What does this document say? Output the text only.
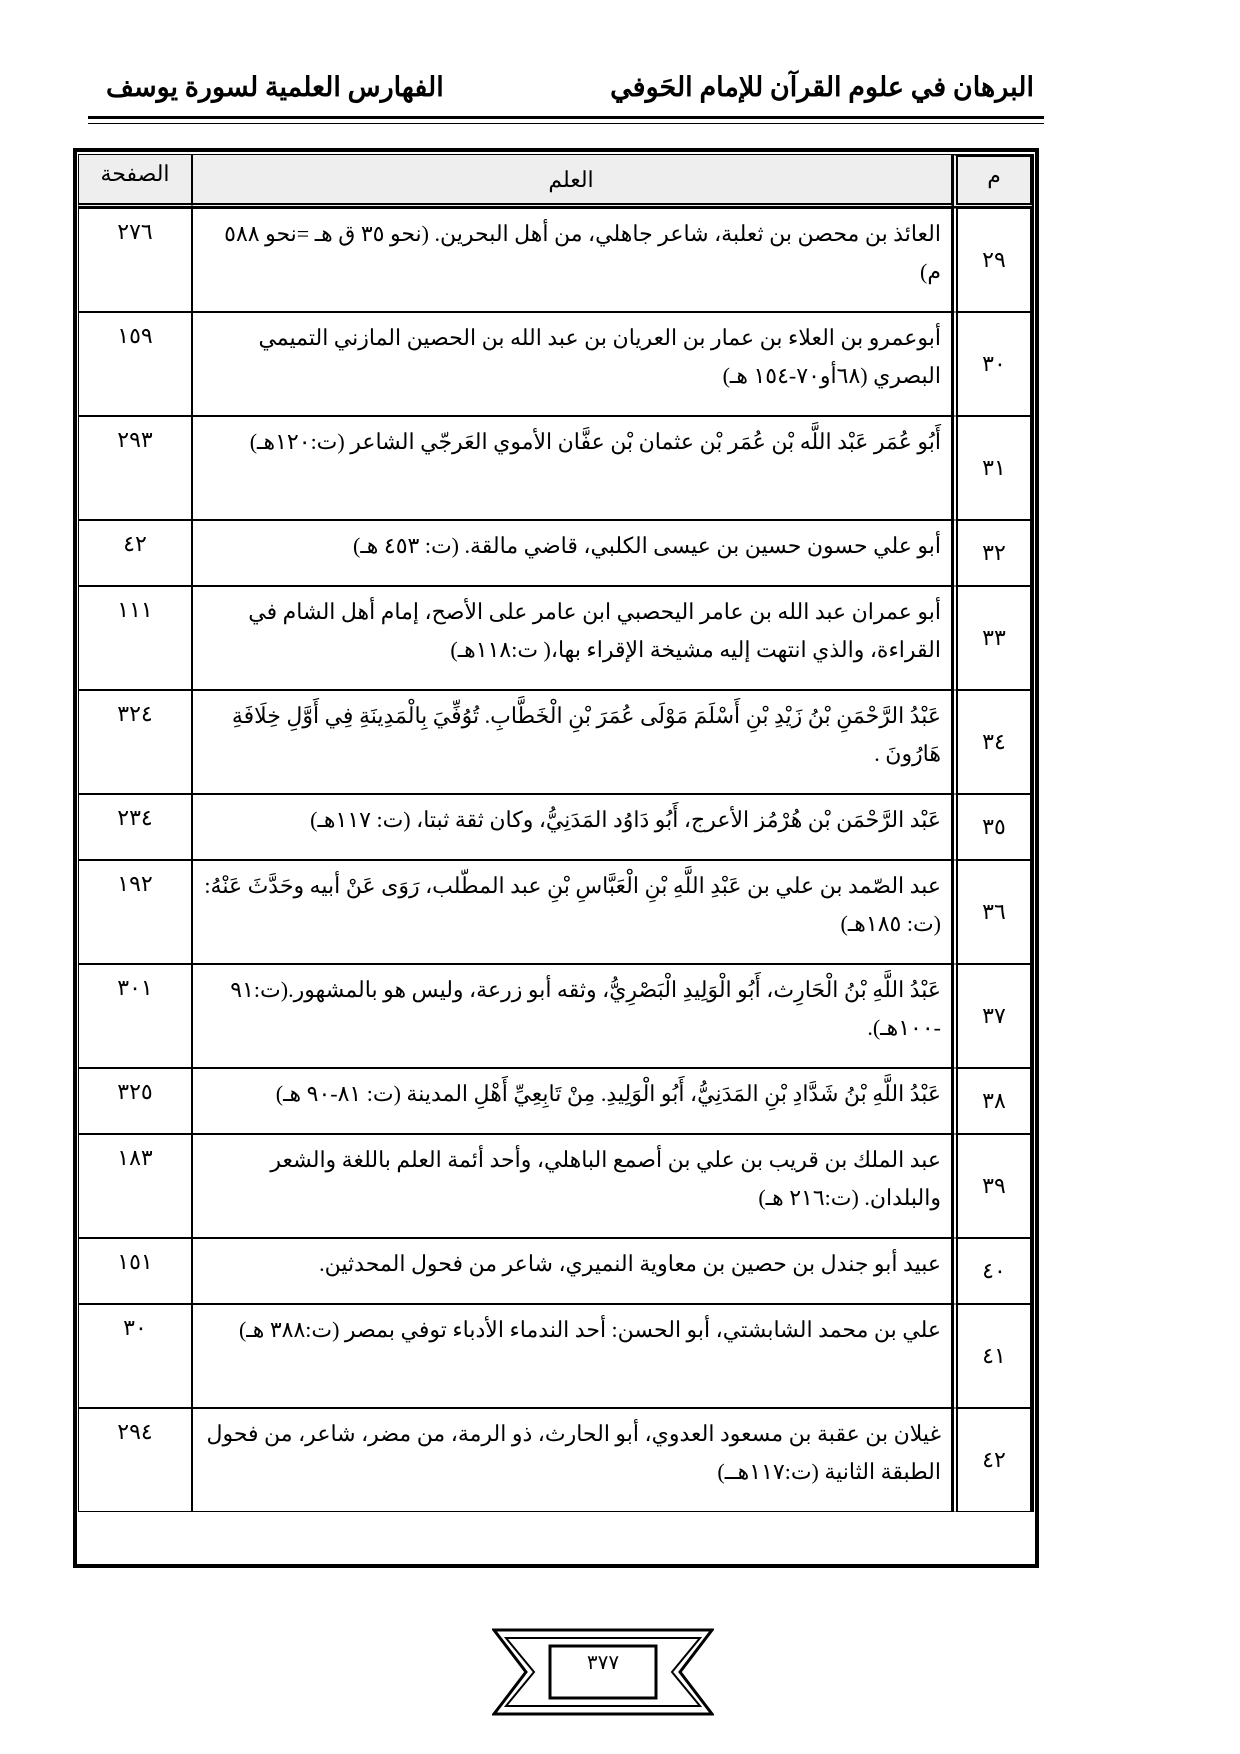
البرهان في علوم القرآن للإمام الحَوفي
الفهارس العلمية لسورة يوسف
م	العلم	الصفحة
٢٩	العائذ بن محصن بن ثعلبة، شاعر جاهلي، من أهل البحرين. (نحو ٣٥ ق هـ =نحو ٥٨٨ م)	٢٧٦
٣٠	أبوعمرو بن العلاء بن عمار بن العريان بن عبد الله بن الحصين المازني التميمي البصري (٦٨أو٧٠-١٥٤ هـ)	١٥٩
٣١	أَبُو عُمَر عَبْد اللَّه بْن عُمَر بْن عثمان بْن عفَّان الأموي العَرجّي الشاعر (ت:١٢٠هـ)	٢٩٣
٣٢	أبو علي حسون حسين بن عيسى الكلبي، قاضي مالقة. (ت: ٤٥٣ هـ)	٤٢
٣٣	أبو عمران عبد الله بن عامر اليحصبي ابن عامر على الأصح، إمام أهل الشام في القراءة، والذي انتهت إليه مشيخة الإقراء بها،( ت:١١٨هـ)	١١١
٣٤	عَبْدُ الرَّحْمَنِ بْنُ زَيْدِ بْنِ أَسْلَمَ مَوْلَى عُمَرَ بْنِ الْخَطَّابِ. تُوُفِّيَ بِالْمَدِينَةِ فِي أَوَّلِ خِلَافَةِ هَارُونَ .	٣٢٤
٣٥	عَبْد الرَّحْمَن بْن هُرْمُز الأعرج، أَبُو دَاوُد المَدَنِيُّ، وكان ثقة ثبتا، (ت: ١١٧هـ)	٢٣٤
٣٦	عبد الصّمد بن علي بن عَبْدِ اللَّهِ بْنِ الْعَبَّاسِ بْنِ عبد المطّلب، رَوَى عَنْ أبيه وحَدَّثَ عَنْهُ:(ت: ١٨٥هـ)	١٩٢
٣٧	عَبْدُ اللَّهِ بْنُ الْحَارِث، أَبُو الْوَلِيدِ الْبَصْرِيُّ، وثقه أبو زرعة، وليس هو بالمشهور.(ت:٩١ -١٠٠هـ).	٣٠١
٣٨	عَبْدُ اللَّهِ بْنُ شَدَّادِ بْنِ المَدَنِيُّ، أَبُو الْوَلِيدِ. مِنْ تَابِعِيِّ أَهْلِ المدينة (ت: ٨١-٩٠ هـ)	٣٢٥
٣٩	عبد الملك بن قريب بن علي بن أصمع الباهلي، وأحد أئمة العلم باللغة والشعر والبلدان. (ت:٢١٦ هـ)	١٨٣
٤٠	عبيد أبو جندل بن حصين بن معاوية النميري، شاعر من فحول المحدثين.	١٥١
٤١	علي بن محمد الشابشتي، أبو الحسن: أحد الندماء الأدباء توفي بمصر (ت:٣٨٨ هـ)	٣٠
٤٢	غيلان بن عقبة بن مسعود العدوي، أبو الحارث، ذو الرمة، من مضر، شاعر، من فحول الطبقة الثانية (ت:١١٧هــ)	٢٩٤
٣٧٧
